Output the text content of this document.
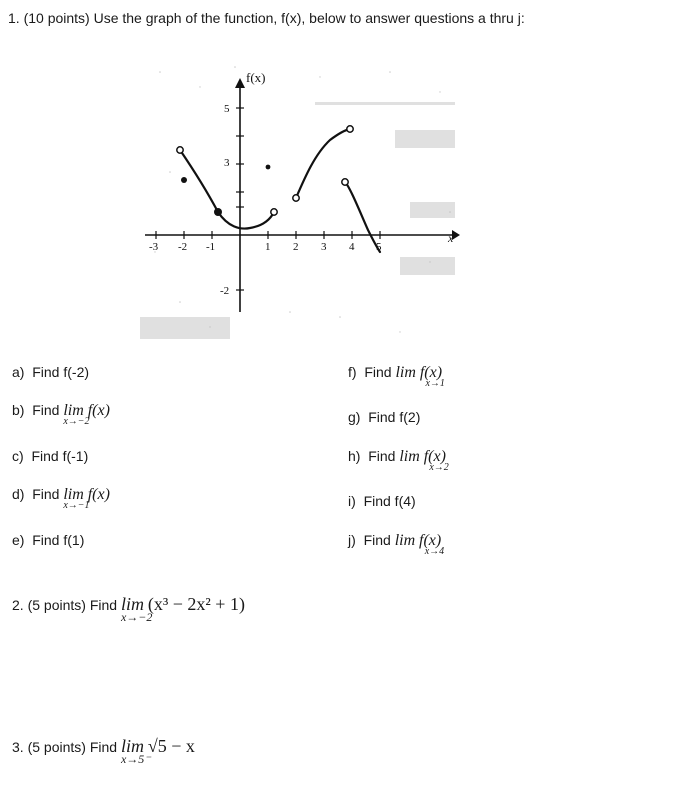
1. (10 points) Use the graph of the function, f(x), below to answer questions a thru j:
-3 -2 -1	1 2 3 4 5
5
3
-2
f(x)
x
a) Find f(-2)
b) Find lim
x→−2
f(x)
c) Find f(-1)
d) Find lim
x→−1
f(x)
e) Find f(1)
f) Find lim
x→1
f(x)
g) Find f(2)
h) Find lim
x→2
f(x)
i) Find f(4)
j) Find lim
x→4
f(x)
2. (5 points) Find lim
x→−2
(x³ − 2x² + 1)
3. (5 points) Find lim
x→5⁻
√5 − x
